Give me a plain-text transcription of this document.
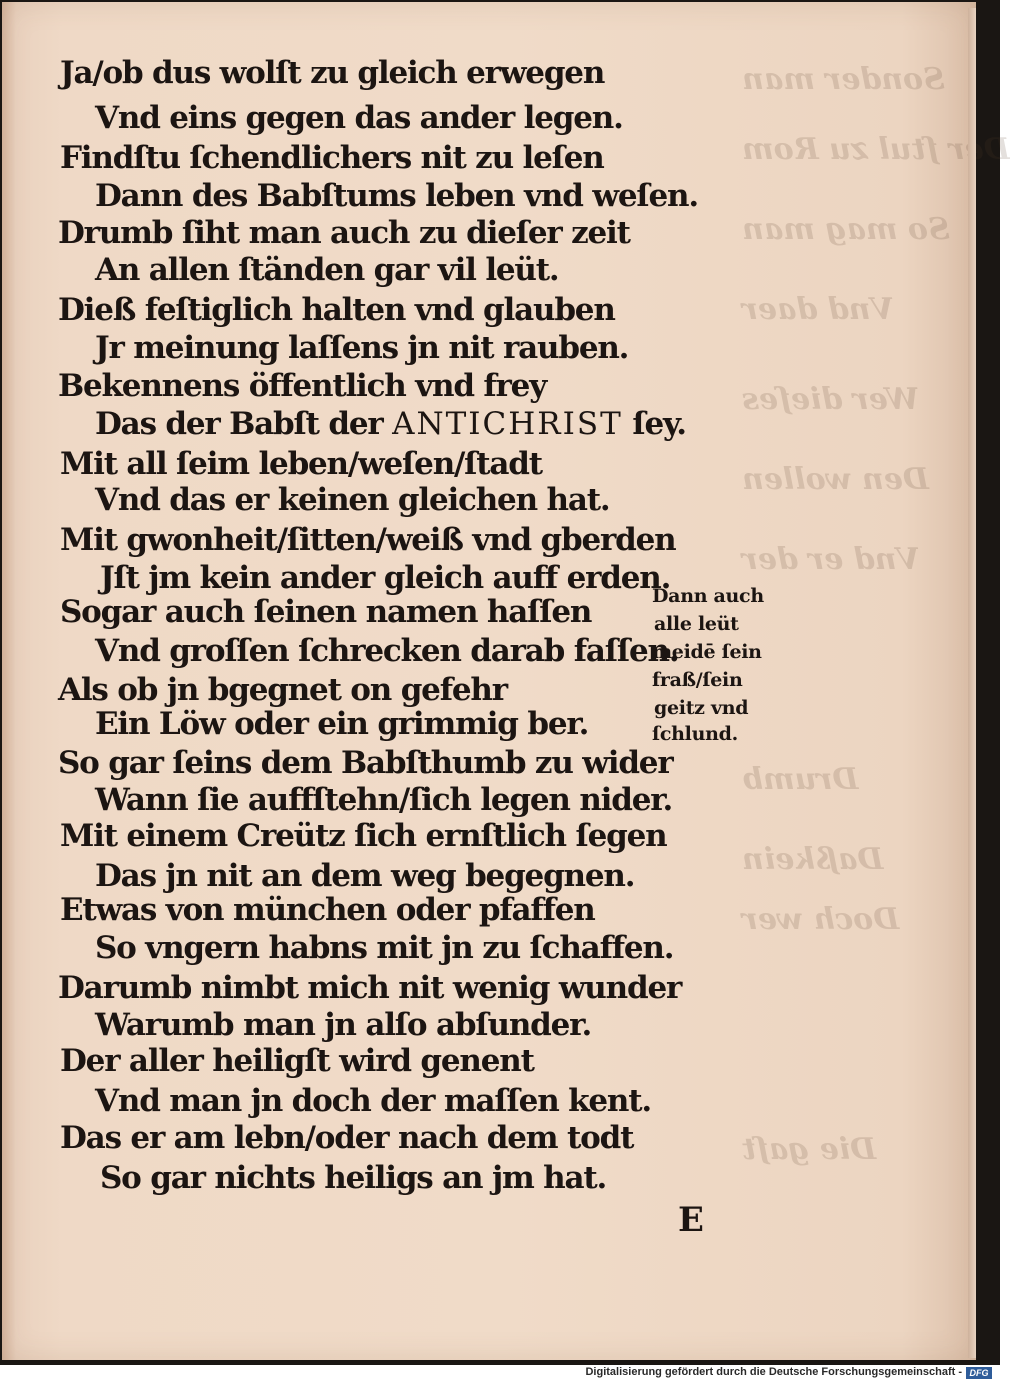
Sonder man
Der ſtul zu Rom
So mag man
Vnd daer
Wer dieſes
Den wollen
Vnd er der
Drumb
Daßkein
Doch wer
Die gaſt
Ja/ob dus wolſt zu gleich erwegen
Vnd eins gegen das ander legen.
Findſtu ſchendlichers nit zu leſen
Dann des Babſtums leben vnd weſen.
Drumb ſiht man auch zu dieſer zeit
An allen ſtänden gar vil leüt.
Dieß feſtiglich halten vnd glauben
Jr meinung laſſens jn nit rauben.
Bekennens öffentlich vnd frey
Das der Babſt der ANTICHRIST ſey.
Mit all ſeim leben/weſen/ſtadt
Vnd das er keinen gleichen hat.
Mit gwonheit/ſitten/weiß vnd gberden
Jſt jm kein ander gleich auff erden.
Sogar auch ſeinen namen haſſen
Vnd groſſen ſchrecken darab faſſen.
Als ob jn bgegnet on gefehr
Ein Löw oder ein grimmig ber.
So gar ſeins dem Babſthumb zu wider
Wann ſie auffſtehn/ſich legen nider.
Mit einem Creütz ſich ernſtlich ſegen
Das jn nit an dem weg begegnen.
Etwas von münchen oder pfaffen
So vngern habns mit jn zu ſchaffen.
Darumb nimbt mich nit wenig wunder
Warumb man jn alſo abſunder.
Der aller heiligſt wird genent
Vnd man jn doch der maſſen kent.
Das er am lebn/oder nach dem todt
So gar nichts heiligs an jm hat.
Dann auch
alle leüt
meidē ſein
fraß/ſein
geitz vnd
ſchlund.
E
Digitalisierung gefördert durch die Deutsche Forschungsgemeinschaft - DFG
